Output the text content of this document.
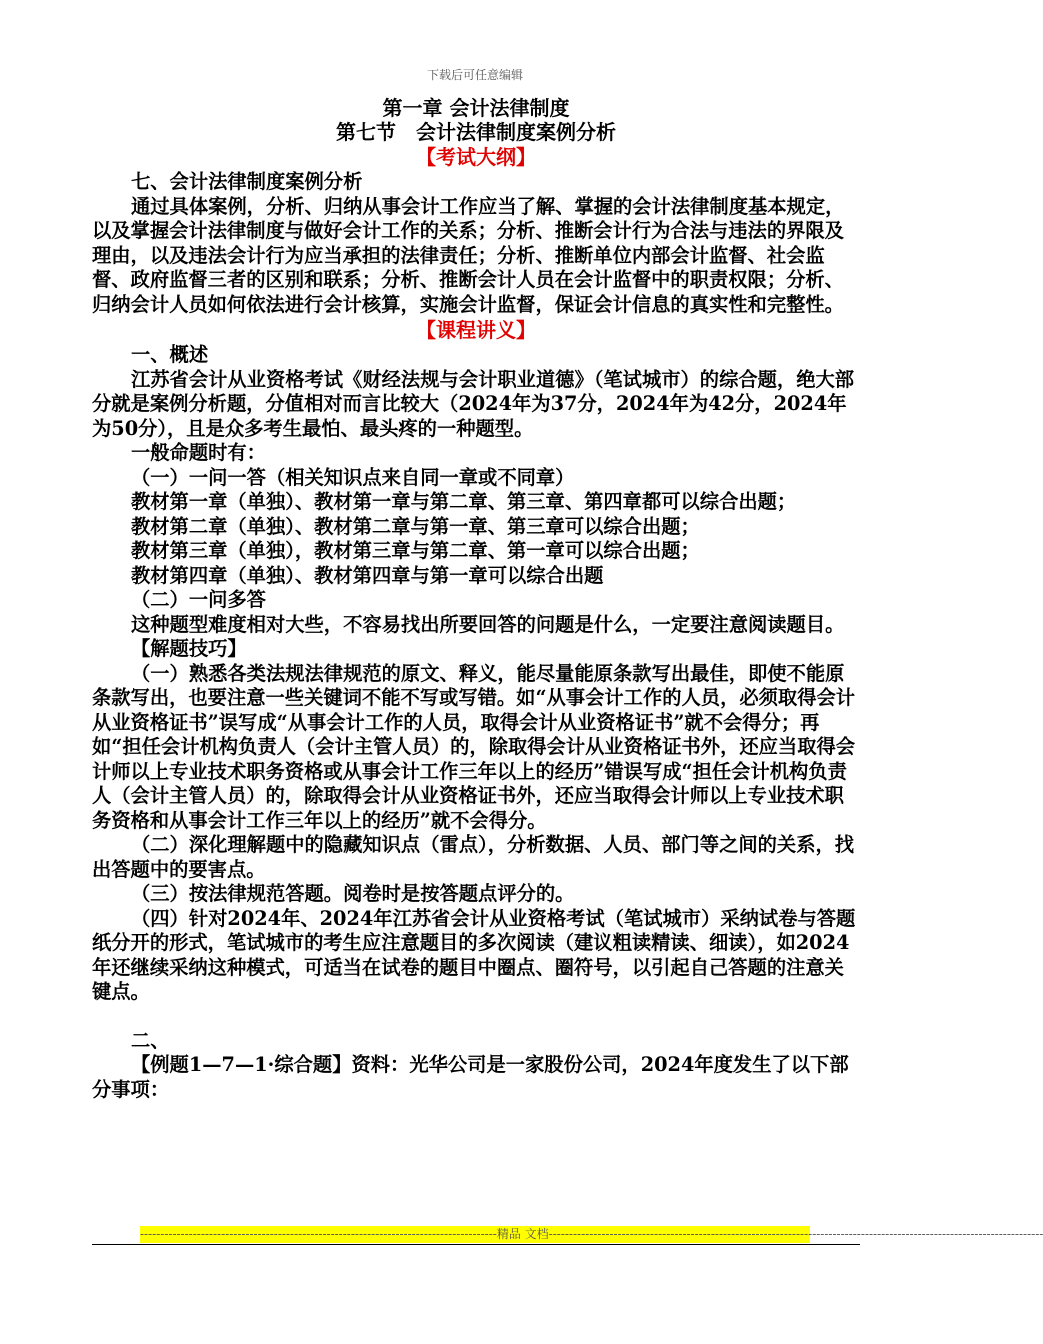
下载后可任意编辑
第一章 会计法律制度
第七节　会计法律制度案例分析
【考试大纲】

七、会计法律制度案例分析

通过具体案例，分析、归纳从事会计工作应当了解、掌握的会计法律制度基本规定，以及掌握会计法律制度与做好会计工作的关系；分析、推断会计行为合法与违法的界限及理由，以及违法会计行为应当承担的法律责任；分析、推断单位内部会计监督、社会监督、政府监督三者的区别和联系；分析、推断会计人员在会计监督中的职责权限；分析、归纳会计人员如何依法进行会计核算，实施会计监督，保证会计信息的真实性和完整性。

【课程讲义】

一、概述

江苏省会计从业资格考试《财经法规与会计职业道德》（笔试城市）的综合题，绝大部分就是案例分析题，分值相对而言比较大（2024年为37分，2024年为42分，2024年为50分），且是众多考生最怕、最头疼的一种题型。

一般命题时有：

（一）一问一答（相关知识点来自同一章或不同章）

教材第一章（单独）、教材第一章与第二章、第三章、第四章都可以综合出题；

教材第二章（单独）、教材第二章与第一章、第三章可以综合出题；

教材第三章（单独），教材第三章与第二章、第一章可以综合出题；

教材第四章（单独）、教材第四章与第一章可以综合出题

（二）一问多答

这种题型难度相对大些，不容易找出所要回答的问题是什么，一定要注意阅读题目。

【解题技巧】

（一）熟悉各类法规法律规范的原文、释义，能尽量能原条款写出最佳，即使不能原条款写出，也要注意一些关键词不能不写或写错。如“从事会计工作的人员，必须取得会计从业资格证书”误写成“从事会计工作的人员，取得会计从业资格证书”就不会得分；再如“担任会计机构负责人（会计主管人员）的，除取得会计从业资格证书外，还应当取得会计师以上专业技术职务资格或从事会计工作三年以上的经历”错误写成“担任会计机构负责人（会计主管人员）的，除取得会计从业资格证书外，还应当取得会计师以上专业技术职务资格和从事会计工作三年以上的经历”就不会得分。

（二）深化理解题中的隐藏知识点（雷点），分析数据、人员、部门等之间的关系，找出答题中的要害点。

（三）按法律规范答题。阅卷时是按答题点评分的。

（四）针对2024年、2024年江苏省会计从业资格考试（笔试城市）采纳试卷与答题纸分开的形式，笔试城市的考生应注意题目的多次阅读（建议粗读精读、细读），如2024年还继续采纳这种模式，可适当在试卷的题目中圈点、圈符号，以引起自己答题的注意关键点。

二、

【例题1—7—1·综合题】资料：光华公司是一家股份公司，2024年度发生了以下部分事项：

----------------------------------------------------------------------------------------精品 文档--------------------------------------------------------------------------------------------------------------------------
